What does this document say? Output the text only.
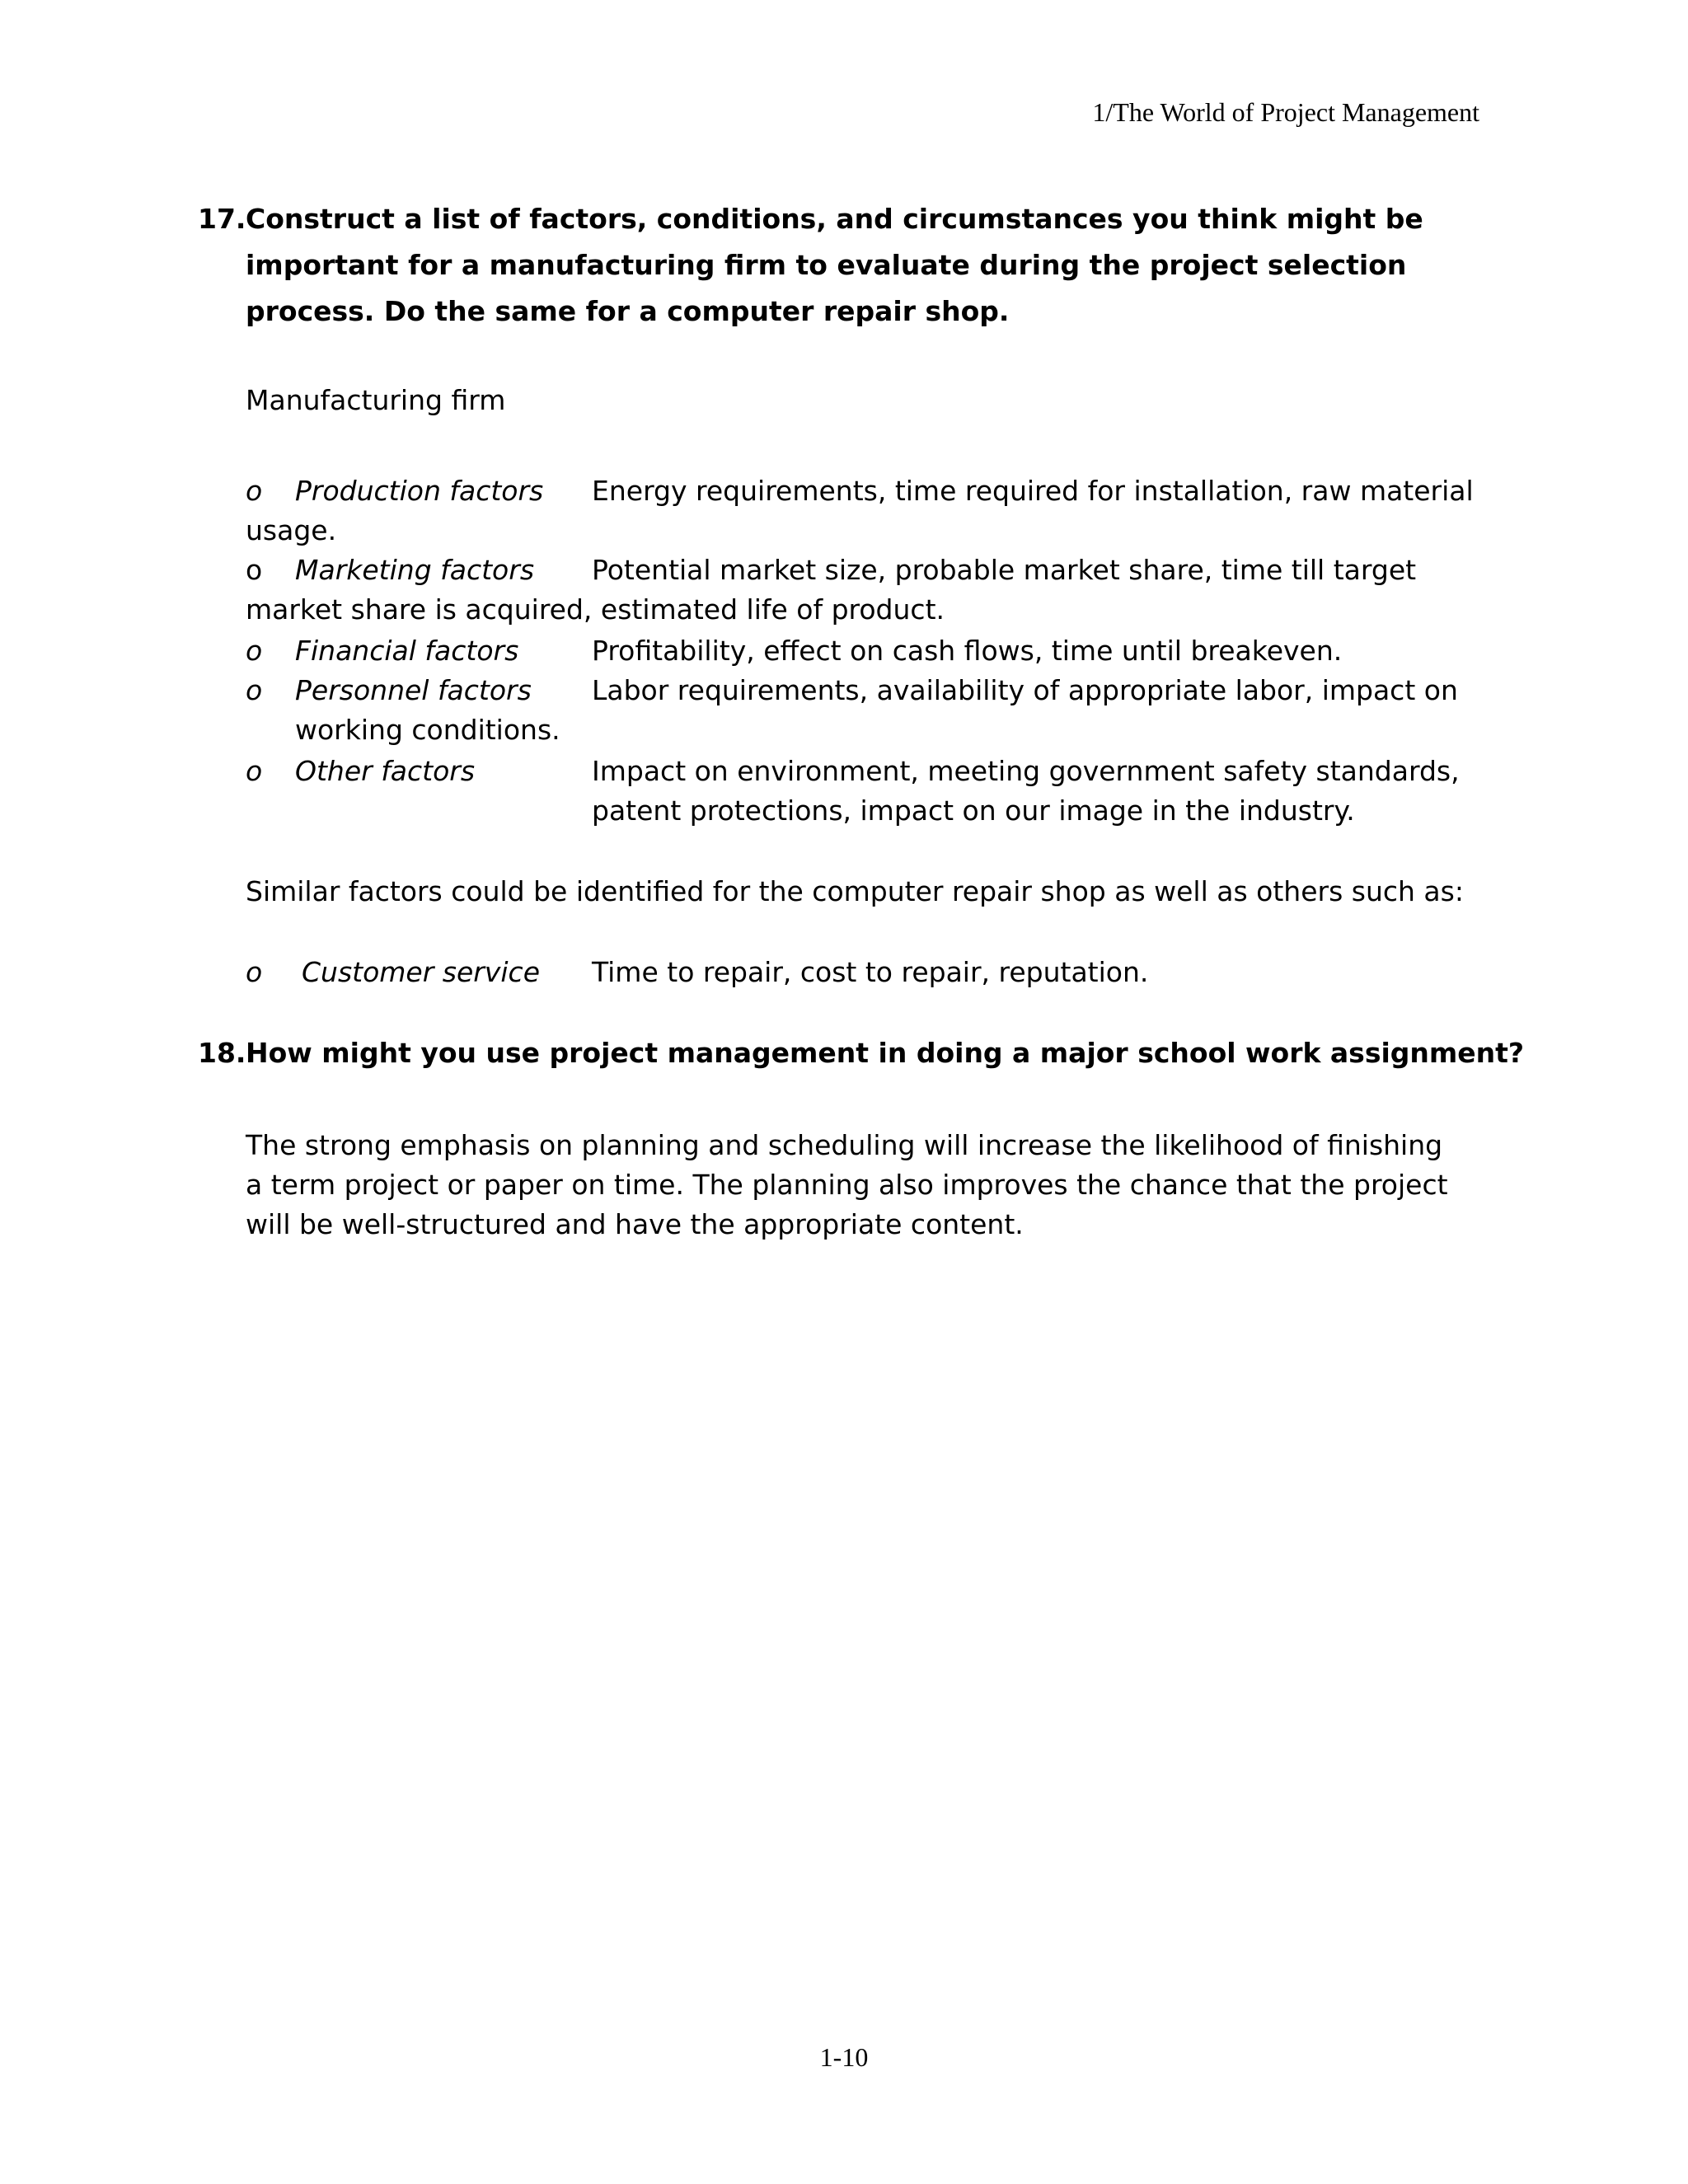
1/The World of Project Management
17. Construct a list of factors, conditions, and circumstances you think might be important for a manufacturing firm to evaluate during the project selection process. Do the same for a computer repair shop.
Manufacturing firm
o Production factors Energy requirements, time required for installation, raw material
usage.
o Marketing factors Potential market size, probable market share, time till target
market share is acquired, estimated life of product.
o Financial factors	Profitability, effect on cash flows, time until breakeven.
o Personnel factors Labor requirements, availability of appropriate labor, impact on
working conditions.
o Other factors	Impact on environment, meeting government safety standards, patent protections, impact on our image in the industry.
Similar factors could be identified for the computer repair shop as well as others such as:
o Customer service Time to repair, cost to repair, reputation.
18. How might you use project management in doing a major school work assignment?
The strong emphasis on planning and scheduling will increase the likelihood of finishing a term project or paper on time. The planning also improves the chance that the project will be well-structured and have the appropriate content.
1-10
